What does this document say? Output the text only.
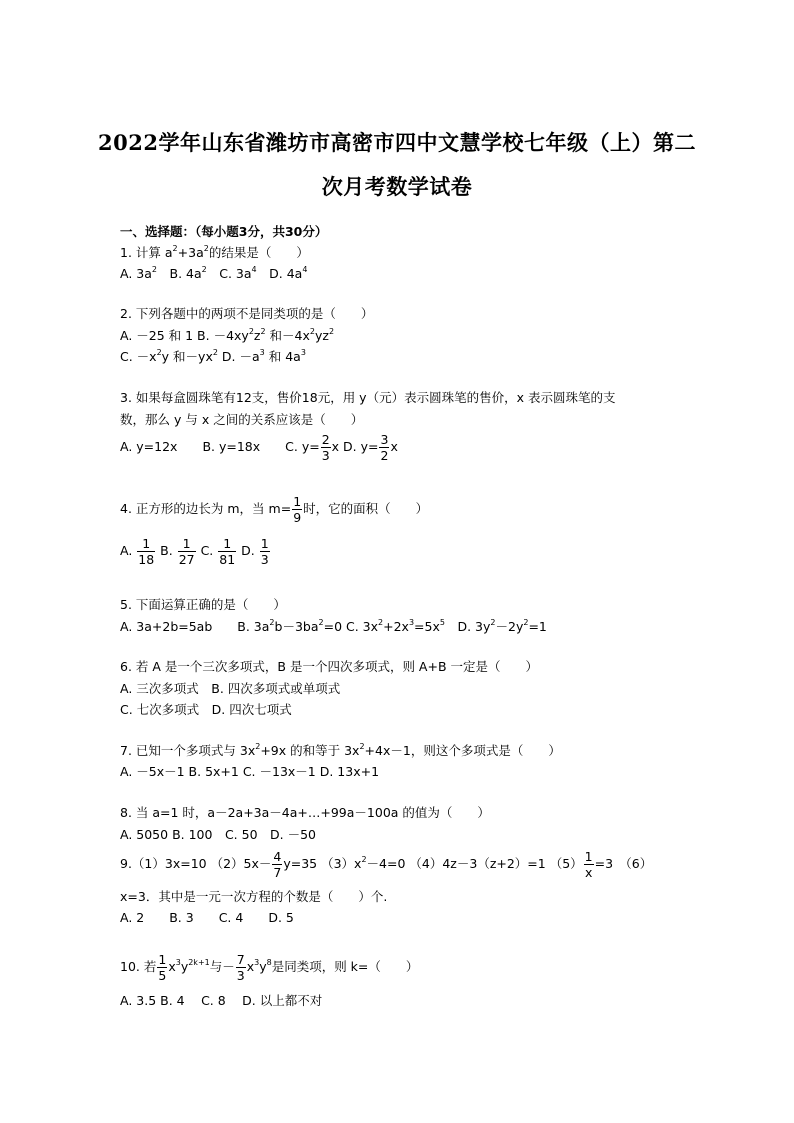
2022学年山东省潍坊市高密市四中文慧学校七年级（上）第二
次月考数学试卷
一、选择题：（每小题3分，共30分）
1. 计算 $a^2+3a^2$的结果是（　　）
A. $3a^2$　B. $4a^2$　C. $3a^4$　D. $4a^4$
2. 下列各题中的两项不是同类项的是（　　）
A. －25 和 1 B. $-4xy^2z^2$ 和$-4x^2yz^2$
C. $-x^2y$ 和$-yx^2$ D. $-a^3$ 和 $4a^3$
3. 如果每盒圆珠笔有12支，售价18元，用 y（元）表示圆珠笔的售价，x 表示圆珠笔的支
数，那么 y 与 x 之间的关系应该是（　　）
A. y=12x　　B. y=18x　　C. $y= \frac{2}{3}$ x D. $y= \frac{3}{2}$ x
4. 正方形的边长为 m，当 $m= \frac{1}{9}$ 时，它的面积（　　）
A. $\frac{1}{18} B$. $\frac{1}{27} C$. $\frac{1}{81} D$. $\frac{1}{3}$
5. 下面运算正确的是（　　）
A. 3a+2b=5ab　　B. $3a^2b-3ba^2=0$ C. $3x^2+2x^3=5x^5$　D. $3y^2-2y^2=1$
6. 若 A 是一个三次多项式，B 是一个四次多项式，则 A+B 一定是（　　）
A. 三次多项式　B. 四次多项式或单项式
C. 七次多项式　D. 四次七项式
7. 已知一个多项式与 $3x^2+9x$ 的和等于 $3x^2+4x-1$，则这个多项式是（　　）
A. －5x－1 B. 5x+1 C. －13x－1 D. 13x+1
8. 当 a=1 时，a－2a+3a－4a+…+99a－100a 的值为（　　）
A. 5050 B. 100　C. 50　D. －50
9.（1）3x=10 $(2)5x- \frac{4}{7} y=35$ $(3)x^2-4=0$ （4）4z－3（z+2）=1 $(5) \frac{1}{x} =3$　（6）
x=3．其中是一元一次方程的个数是（　　）个.
A. 2　　B. 3　　C. 4　　D. 5
10. 若 $\frac{1}{5} x^3y^{2k+1}$与－ $\frac{7}{3} x^3y^8$是同类项，则 k=（　　）
A. 3.5 B. 4　 C. 8　 D. 以上都不对
